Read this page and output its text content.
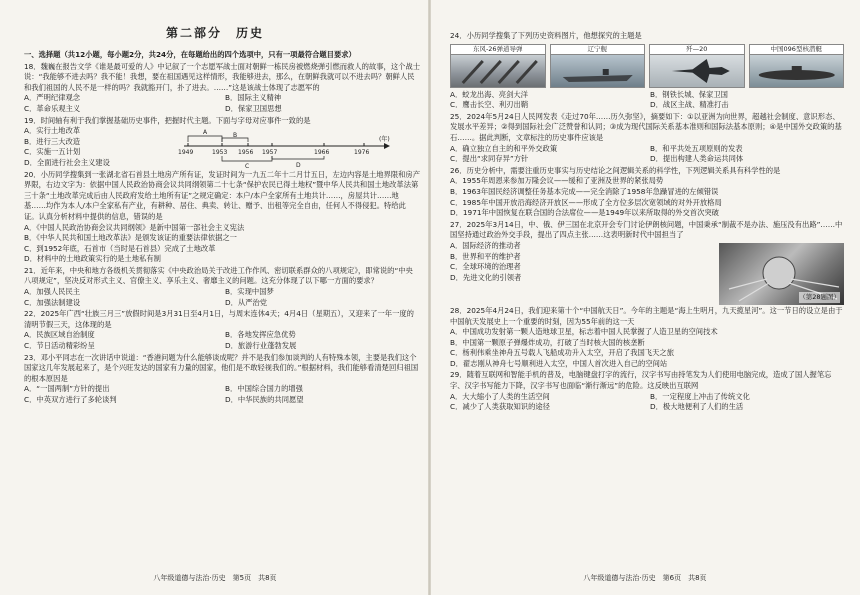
第二部分　历史
一、选择题（共12小题，每小题2分，共24分，在每题给出的四个选项中，只有一项最符合题目要求）
18．魏巍在报告文学《谁是最可爱的人》中记叙了一个志愿军战士面对朝鲜一栋民房被燃烧弹引燃而救人的故事，这个战士说：“我能够不进去吗？我不能！我想，要在祖国遇见这样情形，我能够进去，那么，在朝鲜我就可以不进去吗？朝鲜人民和我们祖国的人民不是一样的吗？我就豁开门，扑了进去。……”这是该战士体现了志愿军的
A．严明纪律观念	B．国际主义精神
C．革命乐观主义	D．保家卫国思想
19．时间轴有利于我们掌握基础历史事件，把握时代主题。下面与字母对应事件一致的是
A．实行土地改革
B．进行三大改造
C．实施一五计划
D．全面进行社会主义建设
1949	1953 1956 1957	1966	1976
(年)
A	B
C	D
20．小历同学搜集到一张湖北省石首县土地房产所有证，发证时间为一九五二年十二月廿五日，左边内容是土地界限和房产界限，右边文字为：依据中国人民政治协商会议共同纲领第二十七条“保护农民已得土地权”暨中华人民共和国土地改革法第三十条“土地改革完成后由人民政府发给土地所有证”之规定确定：本户/本户全家所有土地共计……，房屋共计……地基……均作为本人/本户全家私有产业，有耕种、居住、典卖、转让、赠予、出租等完全自由，任何人不得侵犯。特给此证。认真分析材料中提供的信息，错误的是
A．《中国人民政治协商会议共同纲领》是新中国第一部社会主义宪法
B．《中华人民共和国土地改革法》是颁发该证的重要法律依据之一
C．到1952年底，石首市（当时是石首县）完成了土地改革
D．材料中的土地政策实行的是土地私有制
21．近年来，中央和地方各级机关贯彻落实《中央政治局关于改进工作作风、密切联系群众的八项规定》，即常说的“中央八项规定”，坚决反对形式主义、官僚主义、享乐主义、奢靡主义的问题。这充分体现了以下哪一方面的要求？
A．加强人民民主	B．实现中国梦
C．加强法制建设	D．从严治党
22．2025年广西“壮族三月三”放假时间是3月31日至4月1日，与周末连休4天；4月4日（星期五），又迎来了一年一度的清明节假三天，这体现的是
A．民族区域自治制度	B．各地发挥应急优势
C．节日活动精彩纷呈	D．旅游行业蓬勃发展
23．邓小平同志在一次讲话中说道：“香港问题为什么能够谈成呢？并不是我们参加谈判的人有特殊本领，主要是我们这个国家这几年发展起来了，是个兴旺发达的国家有力量的国家，他们是不敢轻视我们的。”根据材料，我们能够看清楚回归祖国的根本原因是
A．“一国两制”方针的提出	B．中国综合国力的增强
C．中英双方进行了多轮谈判	D．中华民族的共同愿望
八年级道德与法治·历史　第5页　共8页
24．小历同学搜集了下列历史资料图片，他想探究的主题是
东风-26弹道导弹	辽宁舰	歼—20	中国096型核潜艇
A．蛟龙出海、亮剑大洋	B．钢铁长城、保家卫国
C．鹰击长空、利刃出鞘	D．战区主战、精准打击
25．2024年5月24日人民网发表《走过70年……历久弥坚》，摘要如下：①以亚洲为向世界，超越社会制度、意识形态、发展水平差异；②得到国际社会广泛赞誉和认同；③成为现代国际关系基本准则和国际法基本原则；④是中国外交政策的基石……。据此判断，文章标注的历史事件应该是
A．确立独立自主的和平外交政策	B．和平共处五项原则的发表
C．提出“求同存异”方针	D．提出构建人类命运共同体
26．历史分析中，需要注重历史事实与历史结论之间逻辑关系的科学性，下列逻辑关系具有科学性的是
A．1955年周恩来参加万隆会议——缓和了亚洲及世界的紧张局势
B．1963年国民经济调整任务基本完成——完全消除了1958年急躁冒进的左倾错误
C．1985年中国开放沿海经济开放区——形成了全方位多层次宽领域的对外开放格局
D．1971年中国恢复在联合国的合法席位——是1949年以来所取得的外交首次突破
27．2025年3月14日，中、俄、伊三国在北京开会专门讨论伊朗核问题，中国秉承“制裁不是办法、施压没有出路”……中国坚持通过政治外交手段，提出了四点主张……这表明新时代中国担当了
（第28题图）
A．国际经济的推动者
B．世界和平的维护者
C．全球环境的治理者
D．先进文化的引领者
28．2025年4月24日，我们迎来第十个“中国航天日”。今年的主题是“海上生明月，九天揽星河”。这一节日的设立是由于中国航天发展史上一个重要的时刻，因为55年前的这一天
A．中国成功发射第一颗人造地球卫星，标志着中国人民掌握了人造卫星的空间技术
B．中国第一颗原子弹爆炸成功，打破了当时核大国的核垄断
C．杨利伟乘坐神舟五号载人飞船成功升入太空，开启了我国飞天之旅
D．翟志刚从神舟七号顺利进入太空，中国人首次进入自己的空间站
29．随着互联网和智能手机的普及，电脑键盘打字的流行，汉字书写由持笔发为人们使用电脑完成，造成了国人握笔忘字、汉字书写能力下降，汉字书写也面临“渐行渐远”的危险。这反映出互联网
A．大大缩小了人类的生活空间	B．一定程度上冲击了传统文化
C．减少了人类获取知识的途径	D．极大地便利了人们的生活
八年级道德与法治·历史　第6页　共8页
